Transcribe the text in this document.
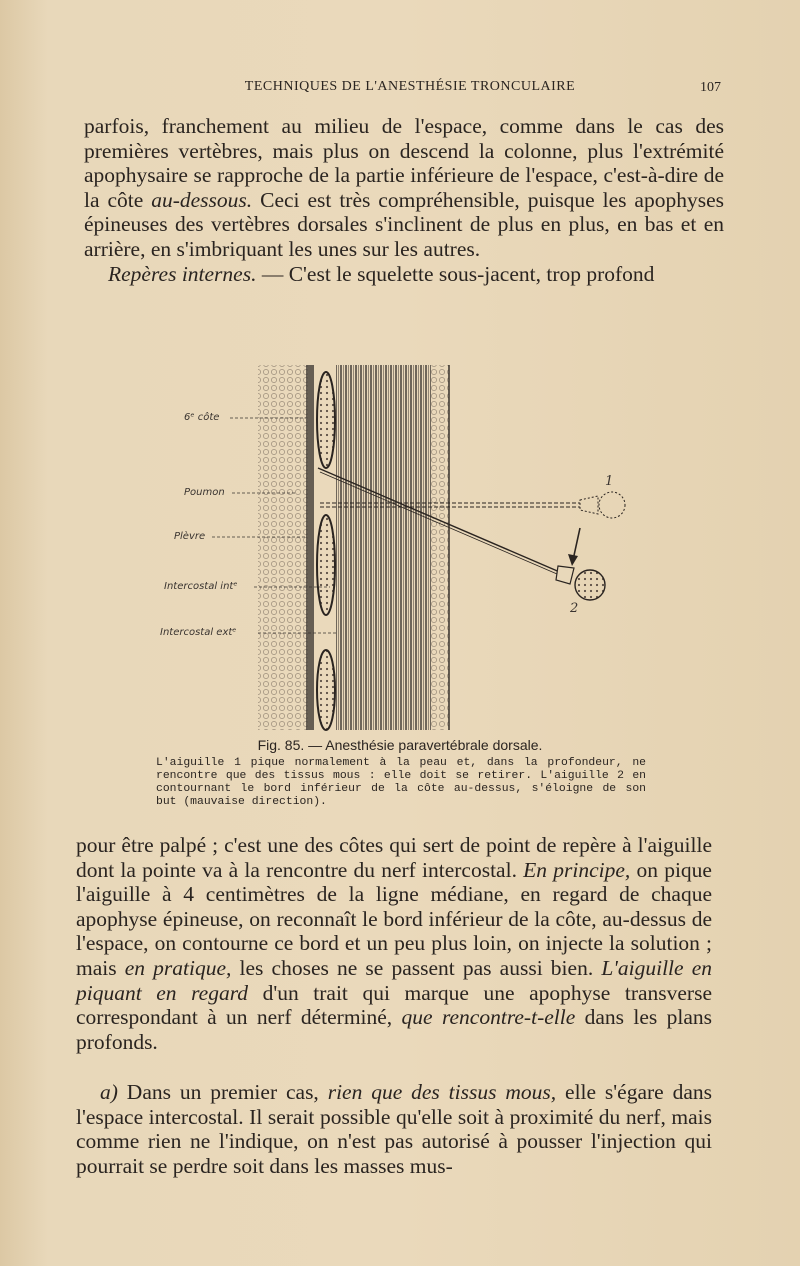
TECHNIQUES DE L'ANESTHÉSIE TRONCULAIRE	107

parfois, franchement au milieu de l'espace, comme dans le cas des premières vertèbres, mais plus on descend la colonne, plus l'extrémité apophysaire se rapproche de la partie inférieure de l'espace, c'est-à-dire de la côte au-dessous. Ceci est très compréhensible, puisque les apophyses épineuses des vertèbres dorsales s'inclinent de plus en plus, en bas et en arrière, en s'imbriquant les unes sur les autres.
Repères internes. — C'est le squelette sous-jacent, trop profond

6ᵉ côte
Poumon
Plèvre
Intercostal intᵉ
Intercostal extᵉ
1
2
Fig. 85. — Anesthésie paravertébrale dorsale.

L'aiguille 1 pique normalement à la peau et, dans la profondeur, ne rencontre que des tissus mous : elle doit se retirer. L'aiguille 2 en contournant le bord inférieur de la côte au-dessus, s'éloigne de son but (mauvaise direction).

pour être palpé ; c'est une des côtes qui sert de point de repère à l'aiguille dont la pointe va à la rencontre du nerf intercostal. En principe, on pique l'aiguille à 4 centimètres de la ligne médiane, en regard de chaque apophyse épineuse, on reconnaît le bord inférieur de la côte, au-dessus de l'espace, on contourne ce bord et un peu plus loin, on injecte la solution ; mais en pratique, les choses ne se passent pas aussi bien. L'aiguille en piquant en regard d'un trait qui marque une apophyse transverse correspondant à un nerf déterminé, que rencontre-t-elle dans les plans profonds.

a) Dans un premier cas, rien que des tissus mous, elle s'égare dans l'espace intercostal. Il serait possible qu'elle soit à proximité du nerf, mais comme rien ne l'indique, on n'est pas autorisé à pousser l'injection qui pourrait se perdre soit dans les masses mus-
